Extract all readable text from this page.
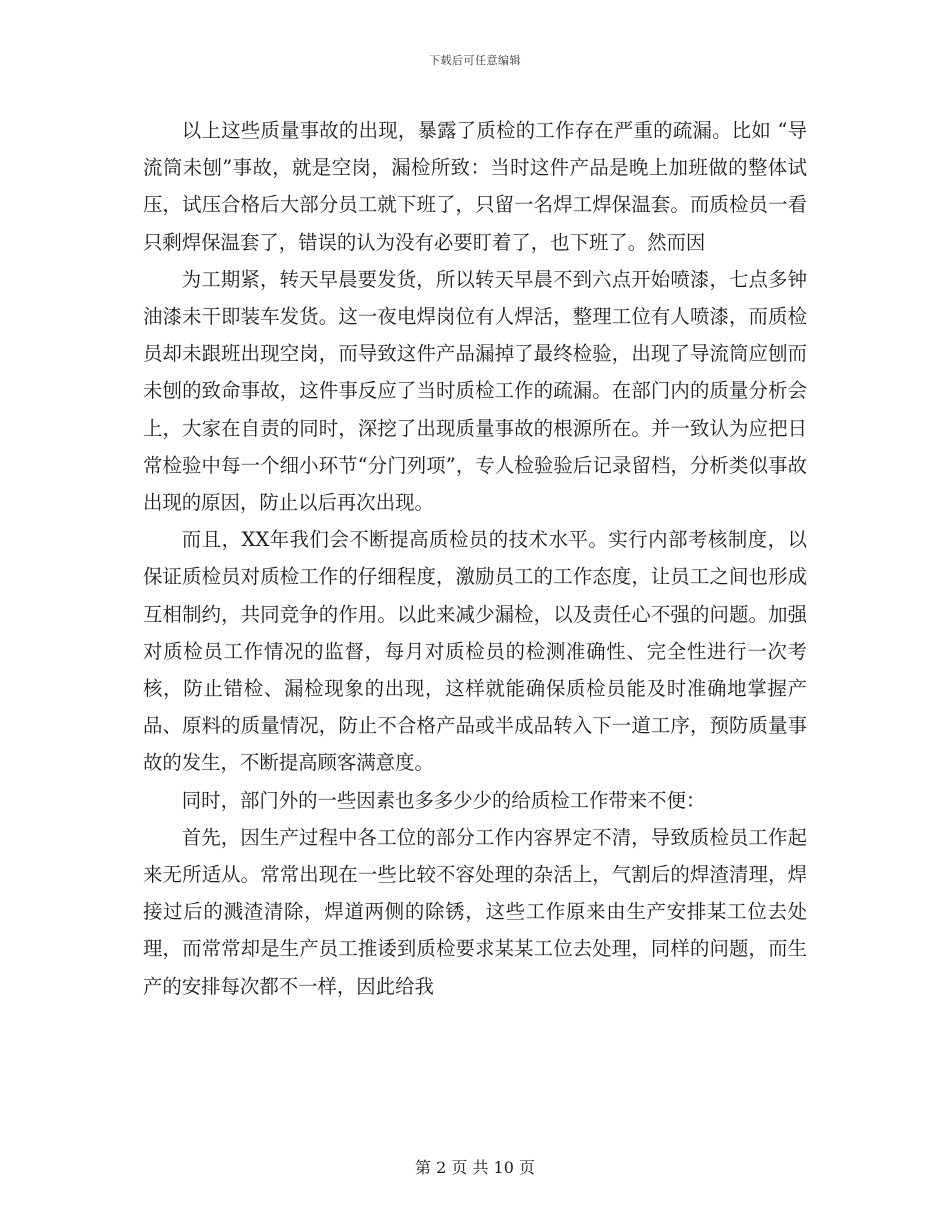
下载后可任意编辑

以上这些质量事故的出现，暴露了质检的工作存在严重的疏漏。比如 “导流筒未刨”事故，就是空岗，漏检所致：当时这件产品是晚上加班做的整体试压，试压合格后大部分员工就下班了，只留一名焊工焊保温套。而质检员一看只剩焊保温套了，错误的认为没有必要盯着了，也下班了。然而因

为工期紧，转天早晨要发货，所以转天早晨不到六点开始喷漆，七点多钟油漆未干即装车发货。这一夜电焊岗位有人焊活，整理工位有人喷漆，而质检员却未跟班出现空岗，而导致这件产品漏掉了最终检验，出现了导流筒应刨而未刨的致命事故，这件事反应了当时质检工作的疏漏。在部门内的质量分析会上，大家在自责的同时，深挖了出现质量事故的根源所在。并一致认为应把日常检验中每一个细小环节“分门列项”，专人检验验后记录留档，分析类似事故出现的原因，防止以后再次出现。

而且，XX年我们会不断提高质检员的技术水平。实行内部考核制度，以保证质检员对质检工作的仔细程度，激励员工的工作态度，让员工之间也形成互相制约，共同竞争的作用。以此来减少漏检，以及责任心不强的问题。加强对质检员工作情况的监督，每月对质检员的检测准确性、完全性进行一次考核，防止错检、漏检现象的出现，这样就能确保质检员能及时准确地掌握产品、原料的质量情况，防止不合格产品或半成品转入下一道工序，预防质量事故的发生，不断提高顾客满意度。

同时，部门外的一些因素也多多少少的给质检工作带来不便：

首先，因生产过程中各工位的部分工作内容界定不清，导致质检员工作起来无所适从。常常出现在一些比较不容处理的杂活上，气割后的焊渣清理，焊接过后的溅渣清除，焊道两侧的除锈，这些工作原来由生产安排某工位去处理，而常常却是生产员工推诿到质检要求某某工位去处理，同样的问题，而生产的安排每次都不一样，因此给我

第 2 页 共 10 页
